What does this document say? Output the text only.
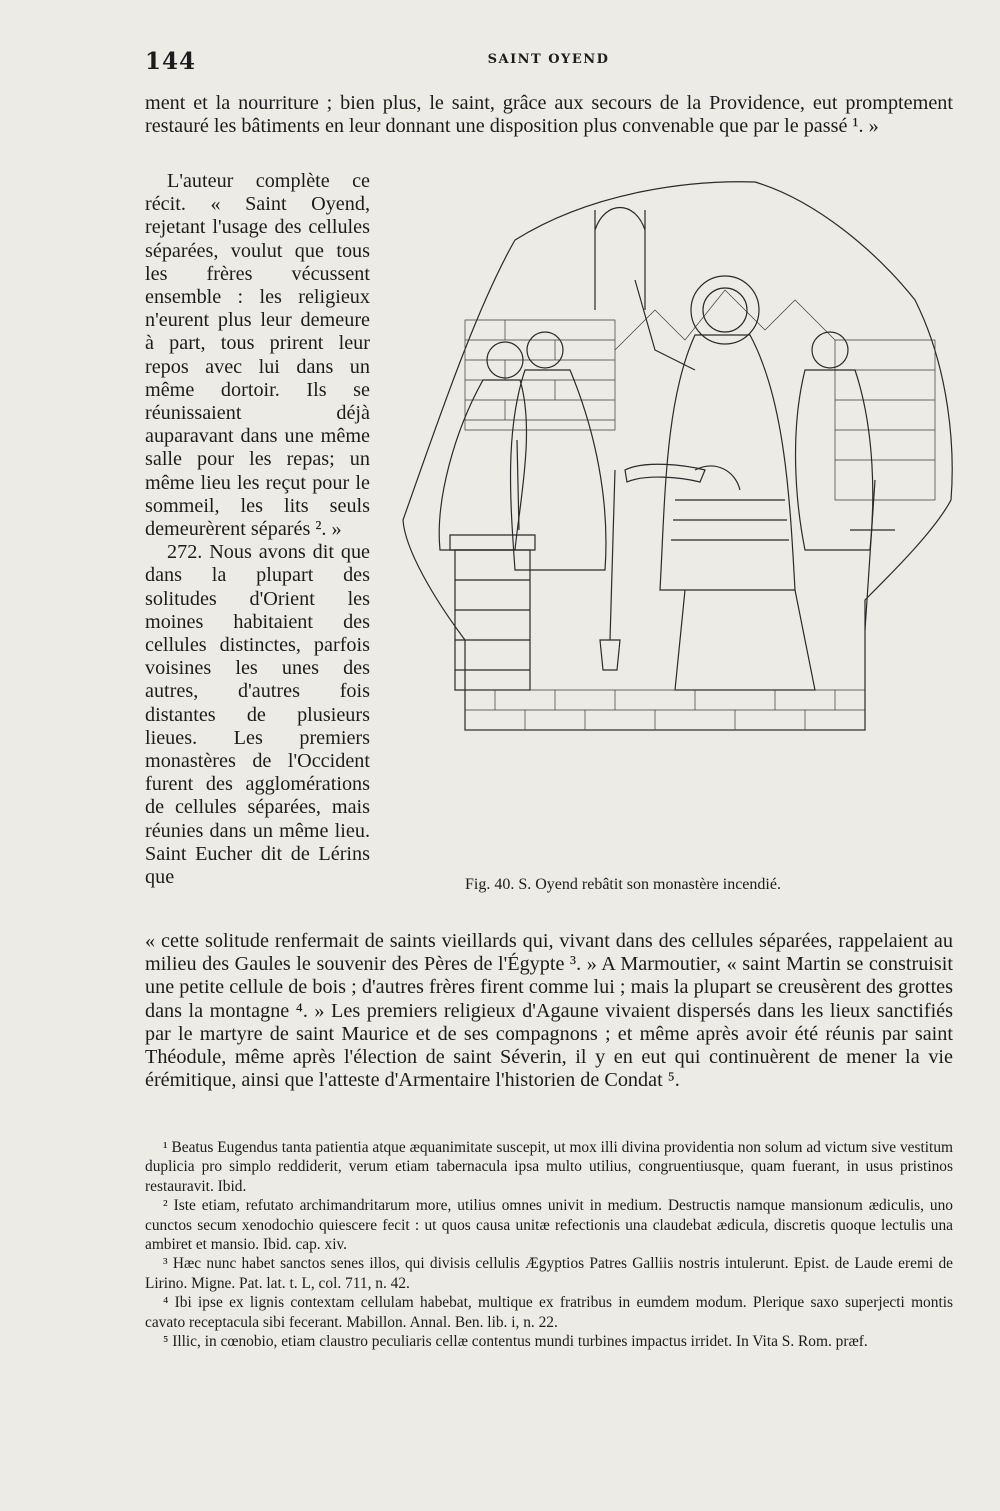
144	SAINT OYEND
ment et la nourriture ; bien plus, le saint, grâce aux secours de la Providence, eut promptement restauré les bâtiments en leur donnant une disposition plus convenable que par le passé ¹. »

L'auteur complète ce récit. « Saint Oyend, rejetant l'usage des cellules séparées, voulut que tous les frères vécussent ensemble : les religieux n'eurent plus leur demeure à part, tous prirent leur repos avec lui dans un même dortoir. Ils se réunissaient déjà auparavant dans une même salle pour les repas; un même lieu les reçut pour le sommeil, les lits seuls demeurèrent séparés ². »

272. Nous avons dit que dans la plupart des solitudes d'Orient les moines habitaient des cellules distinctes, parfois voisines les unes des autres, d'autres fois distantes de plusieurs lieues. Les premiers monastères de l'Occident furent des agglomérations de cellules séparées, mais réunies dans un même lieu. Saint Eucher dit de Lérins que	Fig. 40. S. Oyend rebâtit son monastère incendié.
« cette solitude renfermait de saints vieillards qui, vivant dans des cellules séparées, rappelaient au milieu des Gaules le souvenir des Pères de l'Égypte ³. » A Marmoutier, « saint Martin se construisit une petite cellule de bois ; d'autres frères firent comme lui ; mais la plupart se creusèrent des grottes dans la montagne ⁴. » Les premiers religieux d'Agaune vivaient dispersés dans les lieux sanctifiés par le martyre de saint Maurice et de ses compagnons ; et même après avoir été réunis par saint Théodule, même après l'élection de saint Séverin, il y en eut qui continuèrent de mener la vie érémitique, ainsi que l'atteste d'Armentaire l'historien de Condat ⁵.

¹ Beatus Eugendus tanta patientia atque æquanimitate suscepit, ut mox illi divina providentia non solum ad victum sive vestitum duplicia pro simplo reddiderit, verum etiam tabernacula ipsa multo utilius, congruentiusque, quam fuerant, in usus pristinos restauravit. Ibid.

² Iste etiam, refutato archimandritarum more, utilius omnes univit in medium. Destructis namque mansionum ædiculis, uno cunctos secum xenodochio quiescere fecit : ut quos causa unitæ refectionis una claudebat ædicula, discretis quoque lectulis una ambiret et mansio. Ibid. cap. xiv.

³ Hæc nunc habet sanctos senes illos, qui divisis cellulis Ægyptios Patres Galliis nostris intulerunt. Epist. de Laude eremi de Lirino. Migne. Pat. lat. t. L, col. 711, n. 42.

⁴ Ibi ipse ex lignis contextam cellulam habebat, multique ex fratribus in eumdem modum. Plerique saxo superjecti montis cavato receptacula sibi fecerant. Mabillon. Annal. Ben. lib. i, n. 22.

⁵ Illic, in cœnobio, etiam claustro peculiaris cellæ contentus mundi turbines impactus irridet. In Vita S. Rom. præf.
